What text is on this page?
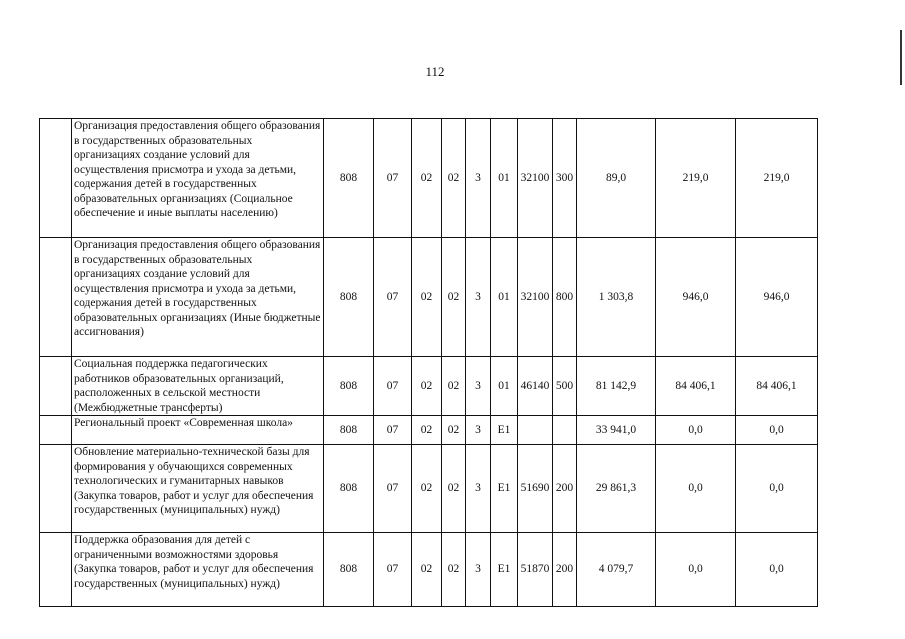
112
	Организация предоставления общего образования в государственных образовательных организациях создание условий для осуществления присмотра и ухода за детьми, содержания детей в государственных образовательных организациях (Социальное обеспечение и иные выплаты населению)	808	07	02	02	3	01	32100	300	89,0	219,0	219,0
	Организация предоставления общего образования в государственных образовательных организациях создание условий для осуществления присмотра и ухода за детьми, содержания детей в государственных образовательных организациях (Иные бюджетные ассигнования)	808	07	02	02	3	01	32100	800	1 303,8	946,0	946,0
	Социальная поддержка педагогических работников образовательных организаций, расположенных в сельской местности (Межбюджетные трансферты)	808	07	02	02	3	01	46140	500	81 142,9	84 406,1	84 406,1
	Региональный проект «Современная школа»	808	07	02	02	3	E1			33 941,0	0,0	0,0
	Обновление материально-технической базы для формирования у обучающихся современных технологических и гуманитарных навыков (Закупка товаров, работ и услуг для обеспечения государственных (муниципальных) нужд)	808	07	02	02	3	E1	51690	200	29 861,3	0,0	0,0
	Поддержка образования для детей с ограниченными возможностями здоровья (Закупка товаров, работ и услуг для обеспечения государственных (муниципальных) нужд)	808	07	02	02	3	E1	51870	200	4 079,7	0,0	0,0
